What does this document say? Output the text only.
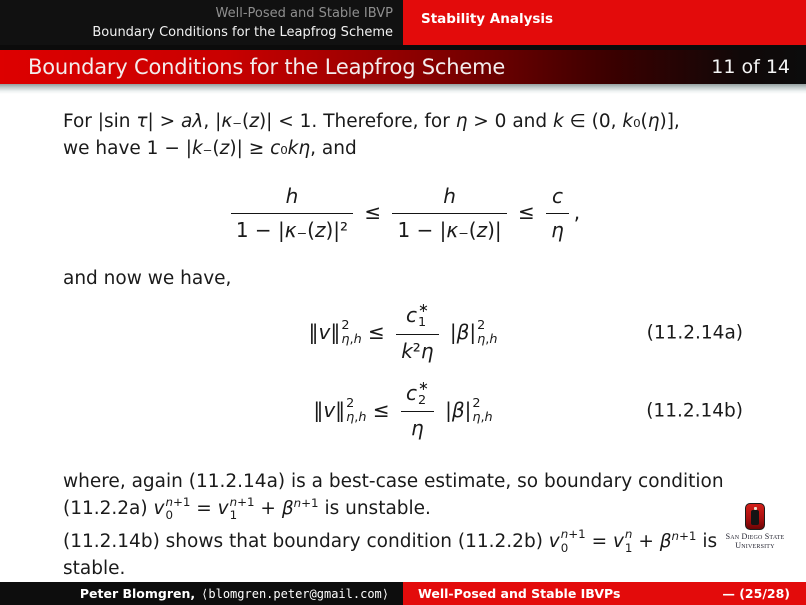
Well-Posed and Stable IBVP
Boundary Conditions for the Leapfrog Scheme
Stability Analysis
Boundary Conditions for the Leapfrog Scheme	11 of 14

For |sin τ| > aλ, |κ₋(z)| < 1. Therefore, for η > 0 and k ∈ (0, k₀(η)],
we have 1 − |k₋(z)| ≥ c₀kη, and

$\frac{h}{\text{1 − |κ₋(z)|²}} \le \frac{h}{1 - |\kappa_-(z)|} \le \frac{c}{\eta}$ ,

and now we have,

‖v‖ 2
η,h ≤ c ∗
1
k²η |β| 2
η,h	(11.2.14a)
‖v‖ 2
η,h ≤ c ∗
2
η |β| 2
η,h	(11.2.14b)

where, again (11.2.14a) is a best-case estimate, so boundary condition
(11.2.2a) v n+1
0 = v n+1
$1 + \beta^{n+1}$ is unstable.

(11.2.14b) shows that boundary condition (11.2.2b) v n+1
0 = v n
$1 + \beta^{n+1}$ is
stable.

San Diego State
University
Peter Blomgren, ⟨blomgren.peter@gmail.com⟩ Well-Posed and Stable IBVPs	— (25/28)
